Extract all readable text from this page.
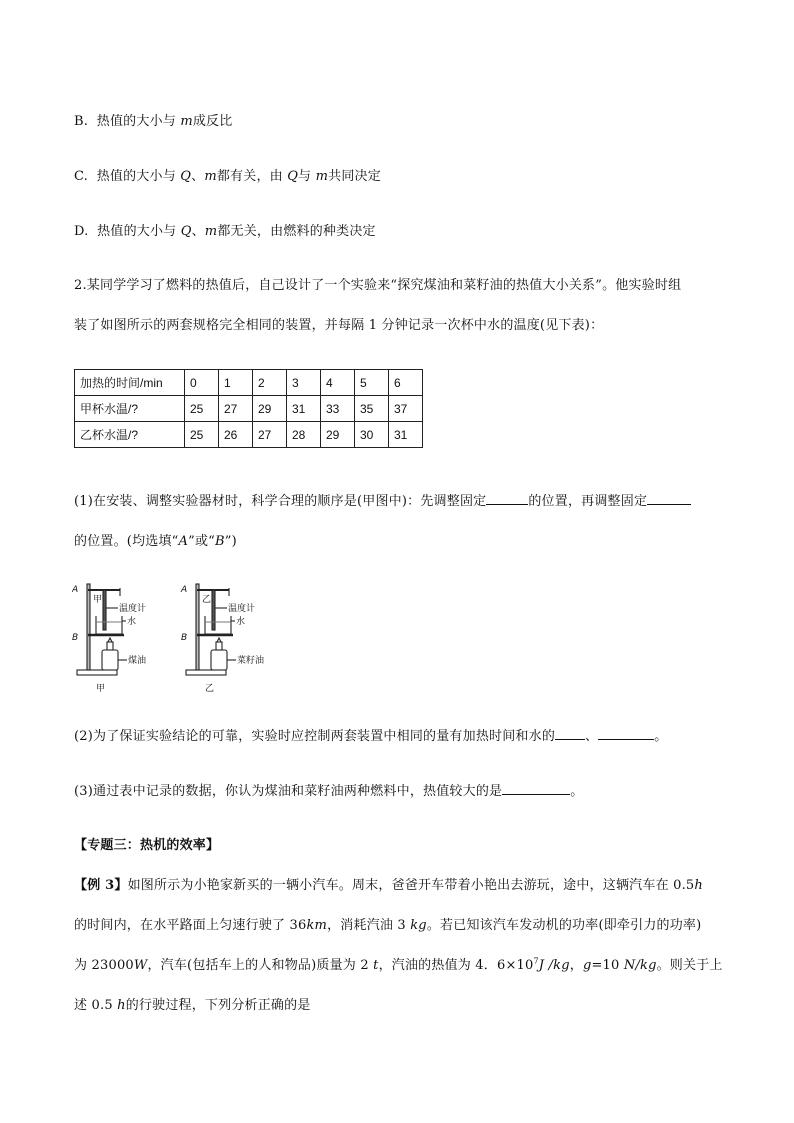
B. 热值的大小与 m成反比
C. 热值的大小与 Q、m都有关，由 Q与 m共同决定
D. 热值的大小与 Q、m都无关，由燃料的种类决定
2.某同学学习了燃料的热值后，自己设计了一个实验来“探究煤油和菜籽油的热值大小关系”。他实验时组
装了如图所示的两套规格完全相同的装置，并每隔 1 分钟记录一次杯中水的温度(见下表)：
加热的时间/min	0	1	2	3	4	5	6
甲杯水温/?	25	27	29	31	33	35	37
乙杯水温/?	25	26	27	28	29	30	31
(1)在安装、调整实验器材时，科学合理的顺序是(甲图中)：先调整固定	的位置，再调整固定
的位置。(均选填“A”或“B”)
A
B
甲
温度计
水
煤油
甲
A
B
乙
温度计
水
菜籽油
乙
(2)为了保证实验结论的可靠，实验时应控制两套装置中相同的量有加热时间和水的 、	。
(3)通过表中记录的数据，你认为煤油和菜籽油两种燃料中，热值较大的是	。
【专题三：热机的效率】
【例 3】如图所示为小艳家新买的一辆小汽车。周末，爸爸开车带着小艳出去游玩，途中，这辆汽车在 0.5h
的时间内，在水平路面上匀速行驶了 36km，消耗汽油 3 kg。若已知该汽车发动机的功率(即牵引力的功率)
为 23000W，汽车(包括车上的人和物品)质量为 2 t，汽油的热值为 4．$6\times 10^7J$ /kg，g=10 N/kg。则关于上
述 0.5 h的行驶过程，下列分析正确的是
